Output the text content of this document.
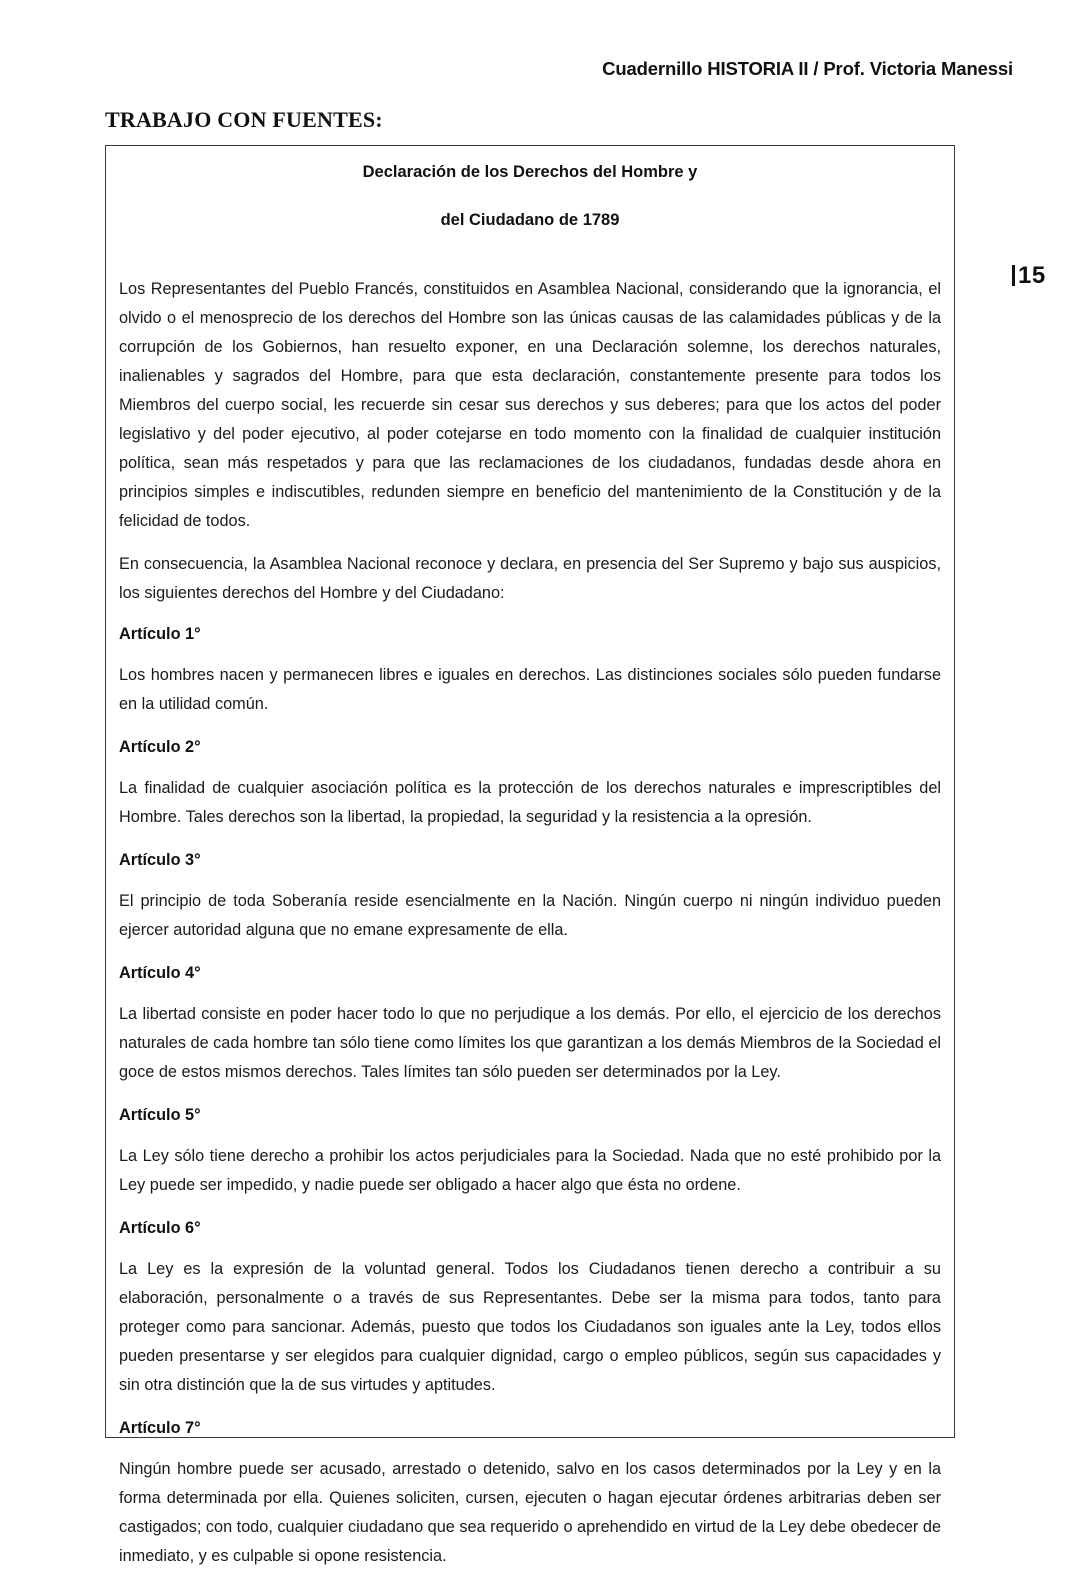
Cuadernillo HISTORIA II / Prof. Victoria Manessi
TRABAJO CON FUENTES:
15
Declaración de los Derechos del Hombre y
del Ciudadano de 1789

Los Representantes del Pueblo Francés, constituidos en Asamblea Nacional, considerando que la ignorancia, el olvido o el menosprecio de los derechos del Hombre son las únicas causas de las calamidades públicas y de la corrupción de los Gobiernos, han resuelto exponer, en una Declaración solemne, los derechos naturales, inalienables y sagrados del Hombre, para que esta declaración, constantemente presente para todos los Miembros del cuerpo social, les recuerde sin cesar sus derechos y sus deberes; para que los actos del poder legislativo y del poder ejecutivo, al poder cotejarse en todo momento con la finalidad de cualquier institución política, sean más respetados y para que las reclamaciones de los ciudadanos, fundadas desde ahora en principios simples e indiscutibles, redunden siempre en beneficio del mantenimiento de la Constitución y de la felicidad de todos.

En consecuencia, la Asamblea Nacional reconoce y declara, en presencia del Ser Supremo y bajo sus auspicios, los siguientes derechos del Hombre y del Ciudadano:

Artículo 1°

Los hombres nacen y permanecen libres e iguales en derechos. Las distinciones sociales sólo pueden fundarse en la utilidad común.

Artículo 2°

La finalidad de cualquier asociación política es la protección de los derechos naturales e imprescriptibles del Hombre. Tales derechos son la libertad, la propiedad, la seguridad y la resistencia a la opresión.

Artículo 3°

El principio de toda Soberanía reside esencialmente en la Nación. Ningún cuerpo ni ningún individuo pueden ejercer autoridad alguna que no emane expresamente de ella.

Artículo 4°

La libertad consiste en poder hacer todo lo que no perjudique a los demás. Por ello, el ejercicio de los derechos naturales de cada hombre tan sólo tiene como límites los que garantizan a los demás Miembros de la Sociedad el goce de estos mismos derechos. Tales límites tan sólo pueden ser determinados por la Ley.

Artículo 5°

La Ley sólo tiene derecho a prohibir los actos perjudiciales para la Sociedad. Nada que no esté prohibido por la Ley puede ser impedido, y nadie puede ser obligado a hacer algo que ésta no ordene.

Artículo 6°

La Ley es la expresión de la voluntad general. Todos los Ciudadanos tienen derecho a contribuir a su elaboración, personalmente o a través de sus Representantes. Debe ser la misma para todos, tanto para proteger como para sancionar. Además, puesto que todos los Ciudadanos son iguales ante la Ley, todos ellos pueden presentarse y ser elegidos para cualquier dignidad, cargo o empleo públicos, según sus capacidades y sin otra distinción que la de sus virtudes y aptitudes.

Artículo 7°

Ningún hombre puede ser acusado, arrestado o detenido, salvo en los casos determinados por la Ley y en la forma determinada por ella. Quienes soliciten, cursen, ejecuten o hagan ejecutar órdenes arbitrarias deben ser castigados; con todo, cualquier ciudadano que sea requerido o aprehendido en virtud de la Ley debe obedecer de inmediato, y es culpable si opone resistencia.
